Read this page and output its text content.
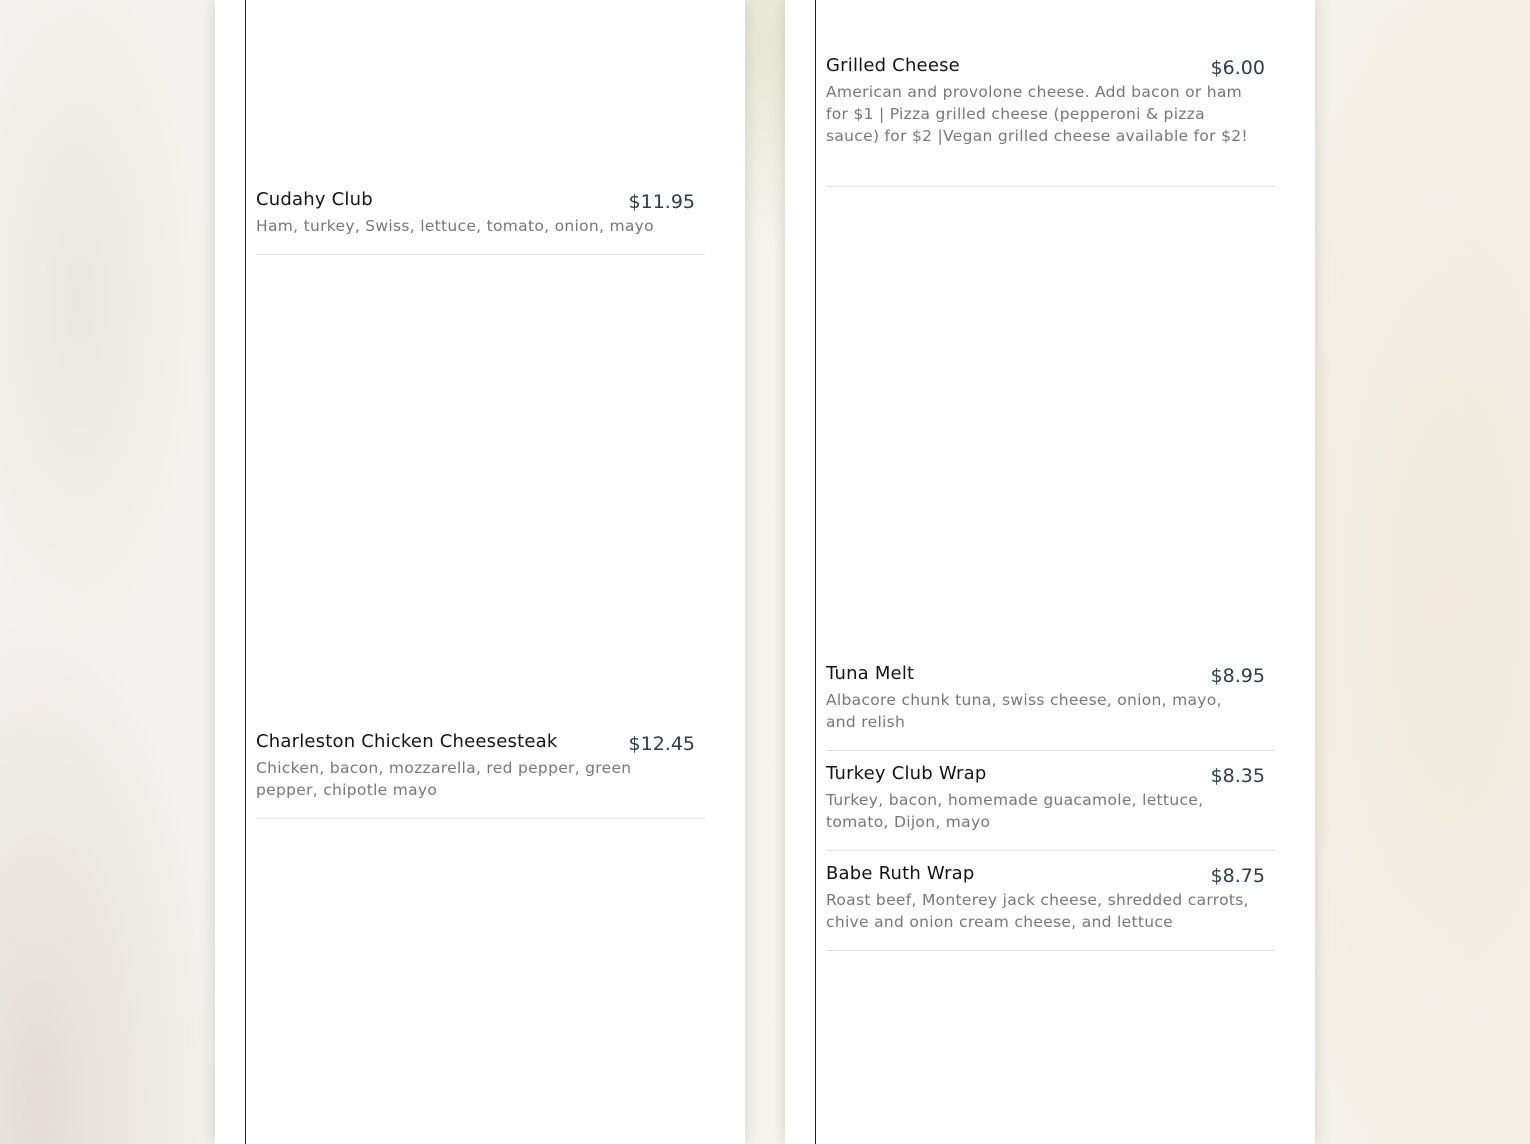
Cudahy Club	$11.95
Ham, turkey, Swiss, lettuce, tomato, onion, mayo
Charleston Chicken Cheesesteak	$12.45
Chicken, bacon, mozzarella, red pepper, green pepper, chipotle mayo
Grilled Cheese	$6.00
American and provolone cheese. Add bacon or ham for $1 | Pizza grilled cheese (pepperoni & pizza sauce) for $2 |Vegan grilled cheese available for $2!
Tuna Melt	$8.95
Albacore chunk tuna, swiss cheese, onion, mayo, and relish
Turkey Club Wrap	$8.35
Turkey, bacon, homemade guacamole, lettuce, tomato, Dijon, mayo
Babe Ruth Wrap	$8.75
Roast beef, Monterey jack cheese, shredded carrots, chive and onion cream cheese, and lettuce
